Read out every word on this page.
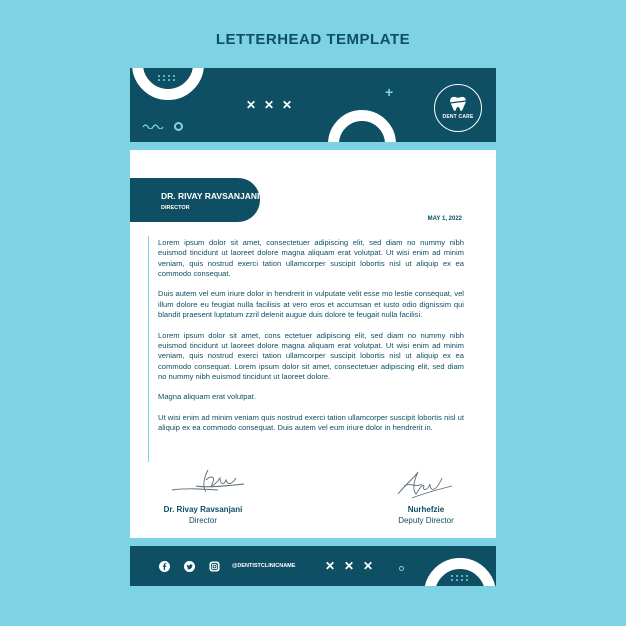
LETTERHEAD TEMPLATE
✕ ✕ ✕
+
DENT CARE
DR. RIVAY RAVSANJANI
DIRECTOR
MAY 1, 2022

Lorem ipsum dolor sit amet, consectetuer adipiscing elit, sed diam no nummy nibh euismod tincidunt ut laoreet dolore magna aliquam erat volutpat. Ut wisi enim ad minim veniam, quis nostrud exerci tation ullamcorper suscipit lobortis nisl ut aliquip ex ea commodo consequat.

Duis autem vel eum iriure dolor in hendrerit in vulputate velit esse mo lestie consequat, vel illum dolore eu feugiat nulla facilisis at vero eros et accumsan et iusto odio dignissim qui blandit praesent luptatum zzril delenit augue duis dolore te feugait nulla facilisi.

Lorem ipsum dolor sit amet, cons ectetuer adipiscing elit, sed diam no nummy nibh euismod tincidunt ut laoreet dolore magna aliquam erat volutpat. Ut wisi enim ad minim veniam, quis nostrud exerci tation ullamcorper suscipit lobortis nisl ut aliquip ex ea commodo consequat. Lorem ipsum dolor sit amet, consectetuer adipiscing elit, sed diam no nummy nibh euismod tincidunt ut laoreet dolore.

Magna aliquam erat volutpat.

Ut wisi enim ad minim veniam quis nostrud exerci tation ullamcorper suscipit lobortis nisl ut aliquip ex ea commodo consequat. Duis autem vel eum iriure dolor in hendrerit in.

Dr. Rivay Ravsanjani
Director
Nurhefzie
Deputy Director
@DENTISTCLINICNAME ✕ ✕ ✕
